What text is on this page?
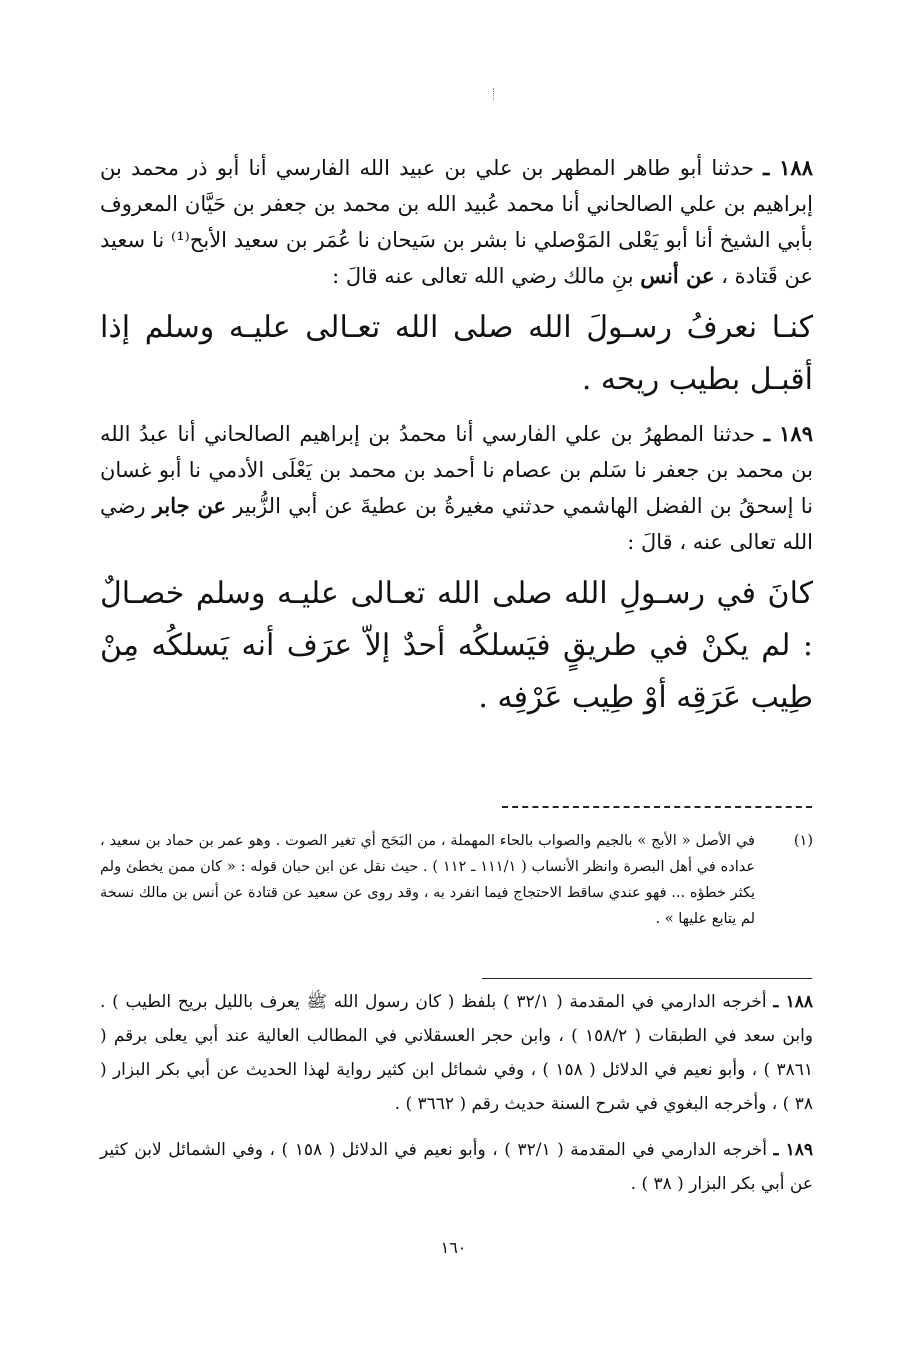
١٨٨ ـ حدثنا أبو طاهر المطهر بن علي بن عبيد الله الفارسي أنا أبو ذر محمد بن إبراهيم بن علي الصالحاني أنا محمد عُبيد الله بن محمد بن جعفر بن حَيَّان المعروف بأبي الشيخ أنا أبو يَعْلى المَوْصلي نا بشر بن سَيحان نا عُمَر بن سعيد الأبح⁽¹⁾ نا سعيد عن قَتادة ، عن أنس بنِ مالك رضي الله تعالى عنه قالَ :

كنـا نعرفُ رسـولَ الله صلى الله تعـالى عليـه وسلم إذا أقبـل بطيب ريحه .

١٨٩ ـ حدثنا المطهرُ بن علي الفارسي أنا محمدُ بن إبراهيم الصالحاني أنا عبدُ الله بن محمد بن جعفر نا سَلم بن عصام نا أحمد بن محمد بن يَعْلَى الأدمي نا أبو غسان نا إسحقُ بن الفضل الهاشمي حدثني مغيرةُ بن عطيةَ عن أبي الزُّبير عن جابر رضي الله تعالى عنه ، قالَ :

كانَ في رسـولِ الله صلى الله تعـالى عليـه وسلم خصـالٌ : لم يكنْ في طريقٍ فيَسلكُه أحدٌ إلاّ عرَف أنه يَسلكُه مِنْ طِيب عَرَقِه أوْ طِيب عَرْفِه .

(١)
في الأصل « الأبج » بالجيم والصواب بالحاء المهملة ، من البَحَح أي تغير الصوت . وهو عمر بن حماد بن سعيد ، عداده في أهل البصرة وانظر الأنساب ( ١١١/١ ـ ١١٢ ) . حيث نقل عن ابن حبان قوله : « كان ممن يخطئ ولم يكثر خطؤه ... فهو عندي ساقط الاحتجاج فيما انفرد به ، وقد روى عن سعيد عن قتادة عن أنس بن مالك نسخة لم يتابع عليها » .

١٨٨ ـ أخرجه الدارمي في المقدمة ( ٣٢/١ ) بلفظ ( كان رسول الله ﷺ يعرف بالليل بريح الطيب ) . وابن سعد في الطبقات ( ١٥٨/٢ ) ، وابن حجر العسقلاني في المطالب العالية عند أبي يعلى برقم ( ٣٨٦١ ) ، وأبو نعيم في الدلائل ( ١٥٨ ) ، وفي شمائل ابن كثير رواية لهذا الحديث عن أبي بكر البزار ( ٣٨ ) ، وأخرجه البغوي في شرح السنة حديث رقم ( ٣٦٦٢ ) .

١٨٩ ـ أخرجه الدارمي في المقدمة ( ٣٢/١ ) ، وأبو نعيم في الدلائل ( ١٥٨ ) ، وفي الشمائل لابن كثير عن أبي بكر البزار ( ٣٨ ) .

١٦٠
